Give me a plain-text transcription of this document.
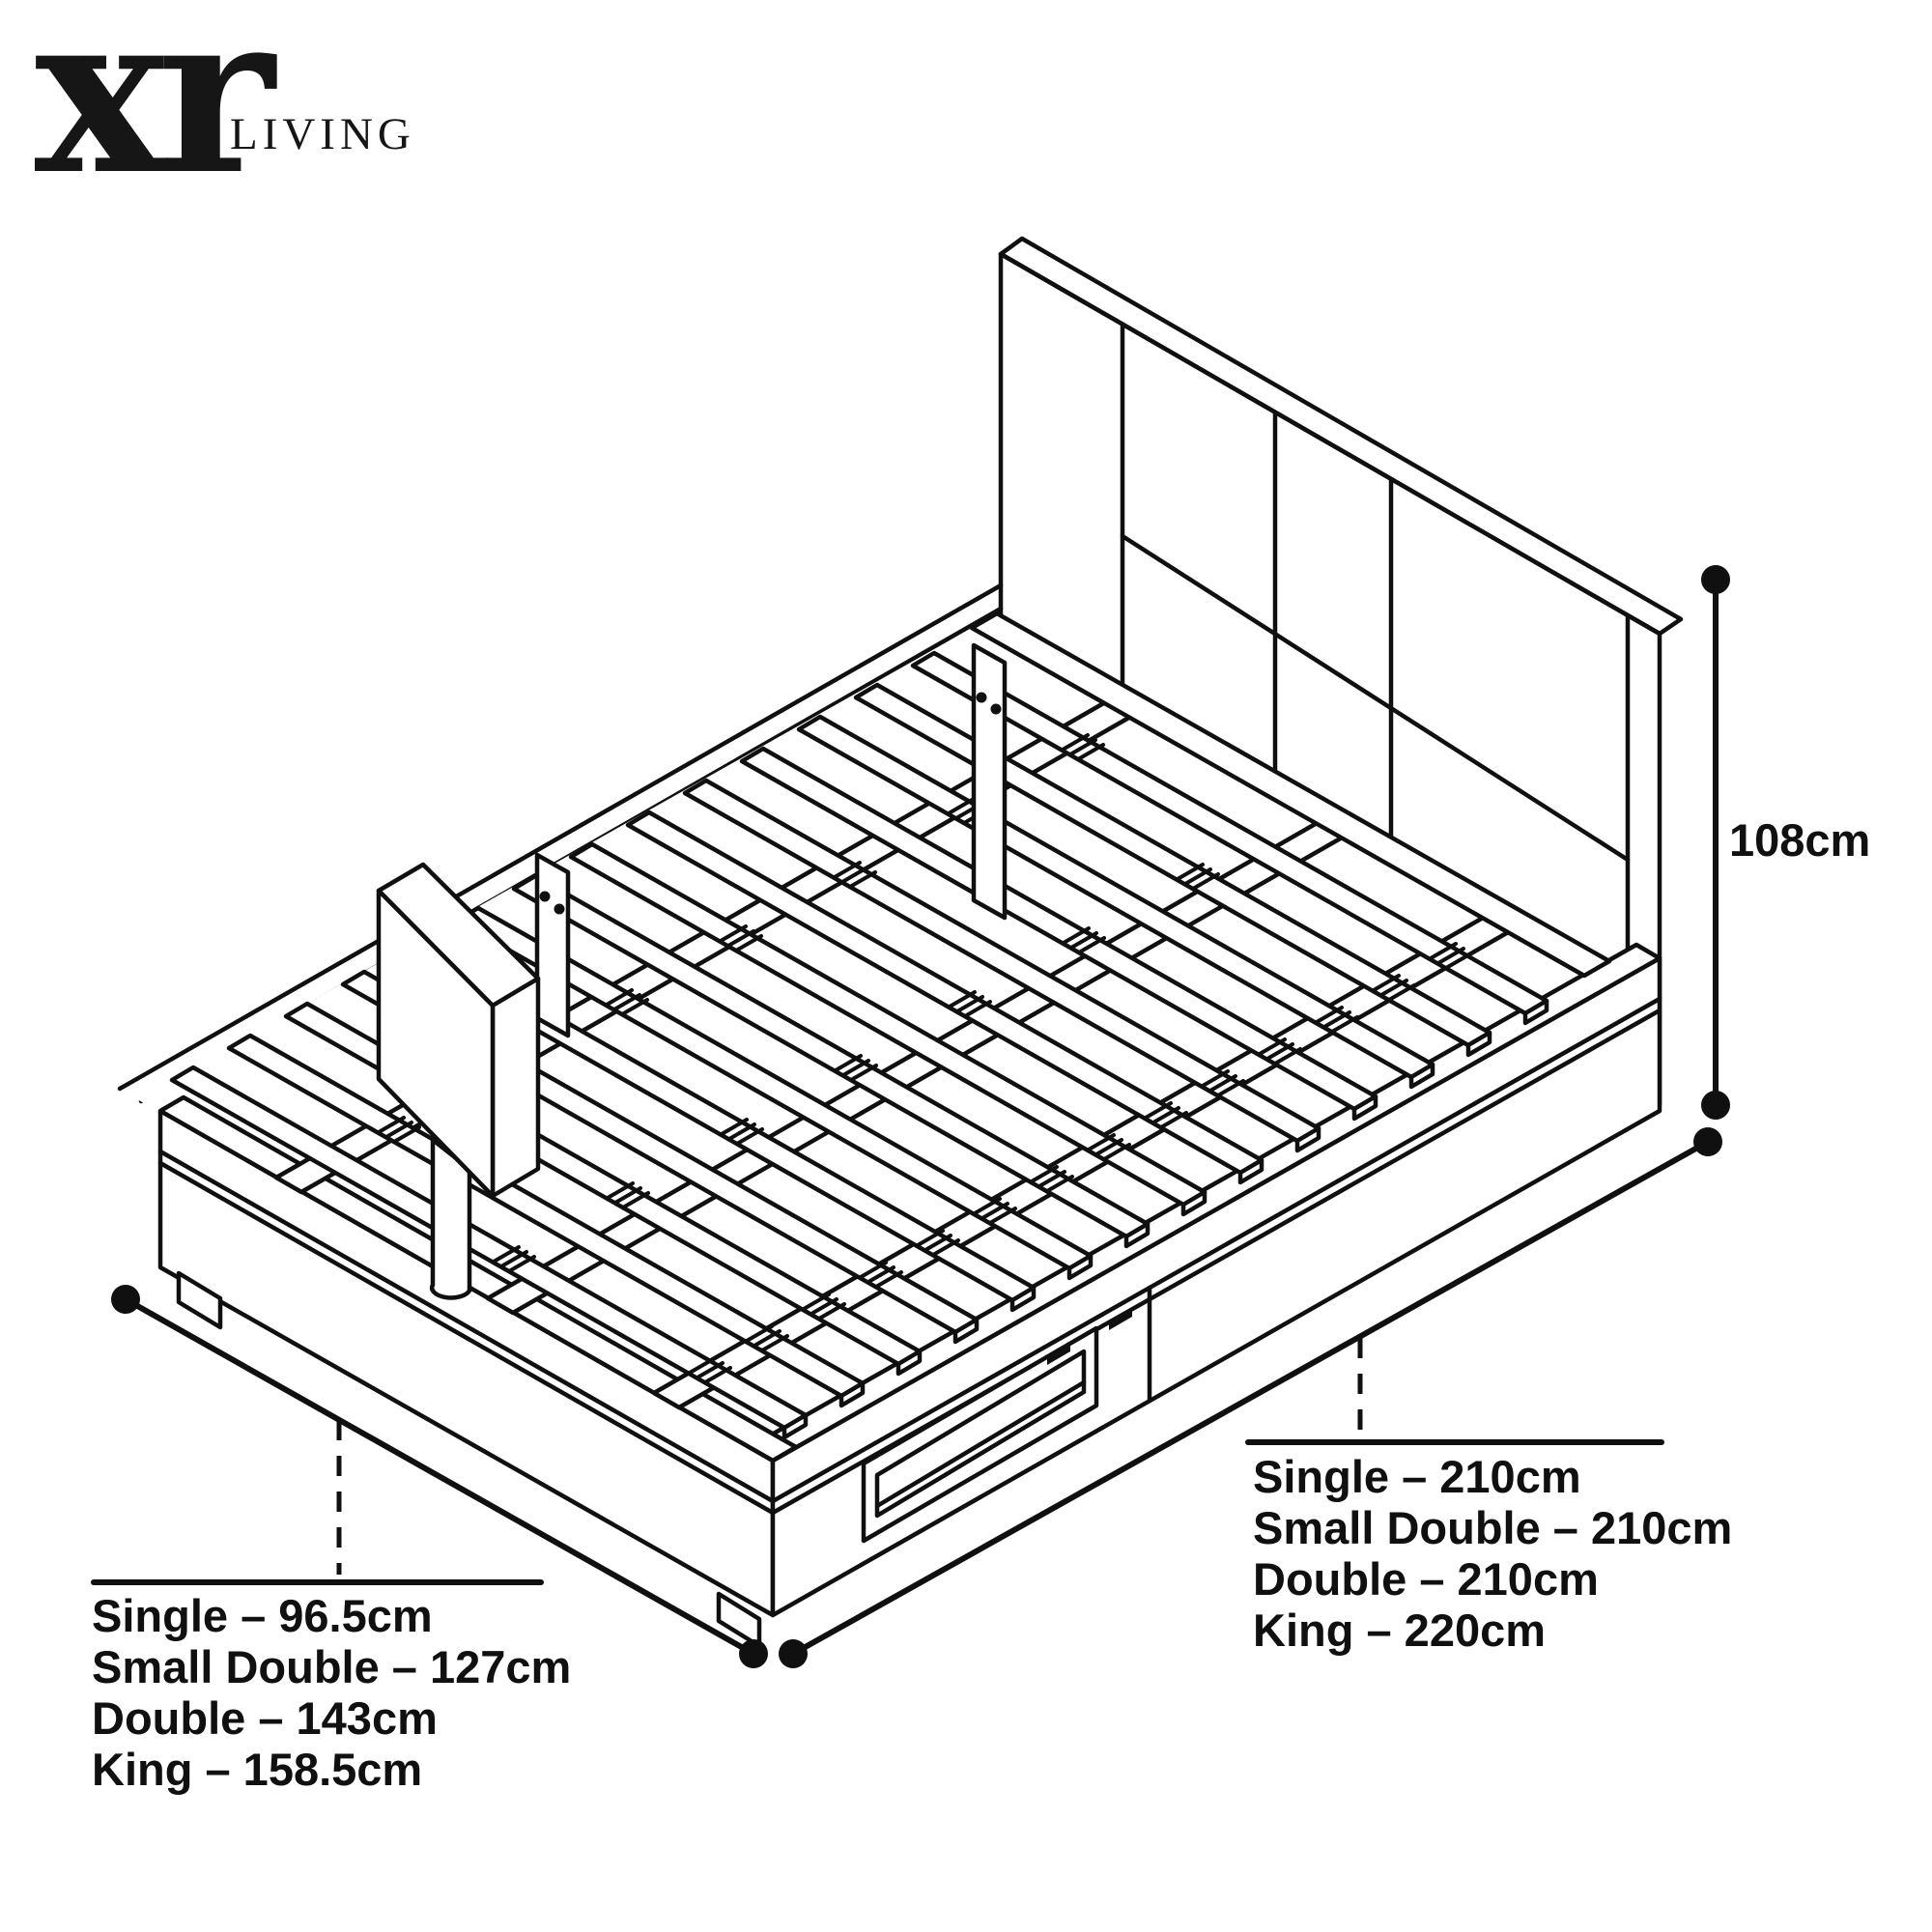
xr
LIVING
108cm
Single – 96.5cm
Small Double – 127cm
Double – 143cm
King – 158.5cm
Single – 210cm
Small Double – 210cm
Double – 210cm
King – 220cm
